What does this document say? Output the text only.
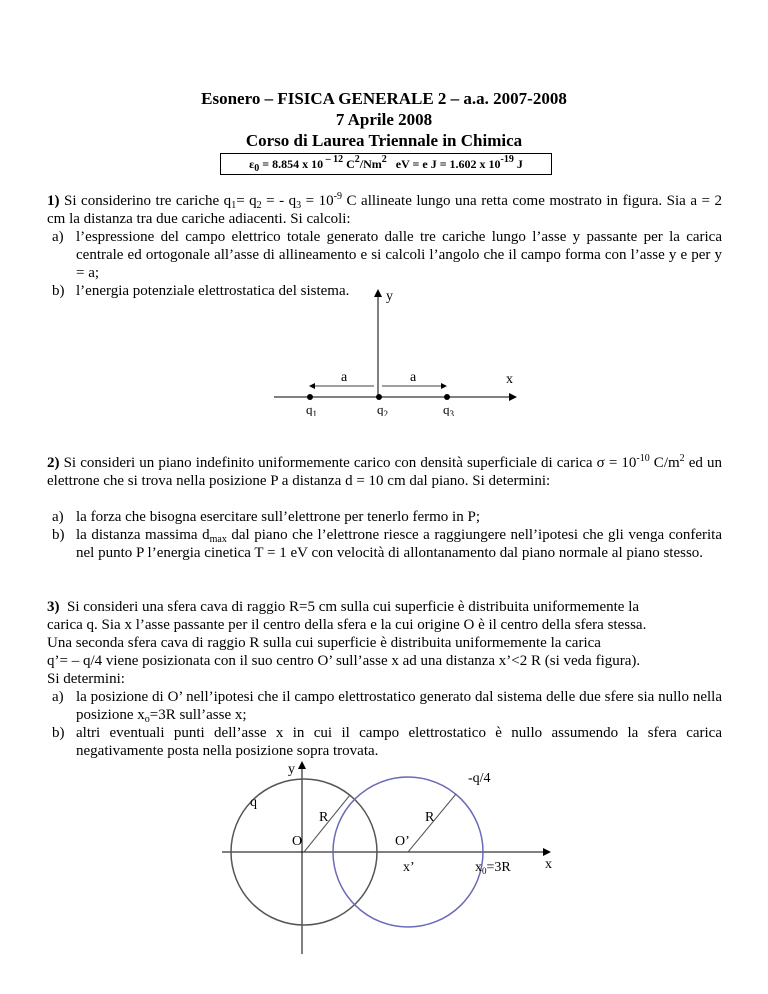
Esonero – FISICA GENERALE 2 – a.a. 2007-2008
7 Aprile 2008
Corso di Laurea Triennale in Chimica
$\varepsilon_0 = 8.854$ x 10 $^{- 12}$ $C^2/Nm^2$   eV = e J = 1.602 x $10^{-19}$ J
1) Si considerino tre cariche $q_1= q_2$ = - $q_3 = 10^{-9}$ C allineate lungo una retta come mostrato in figura. Sia a = 2 cm la distanza tra due cariche adiacenti. Si calcoli:
a) l’espressione del campo elettrico totale generato dalle tre cariche lungo l’asse y passante per la carica centrale ed ortogonale all’asse di allineamento e si calcoli l’angolo che il campo forma con l’asse y e per y = a;
b) l’energia potenziale elettrostatica del sistema.	y
x
a	a
$q_1$	$q_2$	$q_3$
2) Si consideri un piano indefinito uniformemente carico con densità superficiale di carica $\sigma = 10^{-10}$ $C/m^2$ ed un elettrone che si trova nella posizione P a distanza d = 10 cm dal piano. Si determini:
a) la forza che bisogna esercitare sull’elettrone per tenerlo fermo in P;
b) la distanza massima $d_{max}$ dal piano che l’elettrone riesce a raggiungere nell’ipotesi che gli venga conferita nel punto P l’energia cinetica T = 1 eV con velocità di allontanamento dal piano normale al piano stesso.
3)  Si consideri una sfera cava di raggio R=5 cm sulla cui superficie è distribuita uniformemente la
carica q. Sia x l’asse passante per il centro della sfera e la cui origine O è il centro della sfera stessa.
Una seconda sfera cava di raggio R sulla cui superficie è distribuita uniformemente la carica
q’= – q/4 viene posizionata con il suo centro O’ sull’asse x ad una distanza x’<2 R (si veda figura).
Si determini:
a) la posizione di O’ nell’ipotesi che il campo elettrostatico generato dal sistema delle due sfere sia nullo nella posizione $x_o=3R$ sull’asse x;
b) altri eventuali punti dell’asse x in cui il campo elettrostatico è nullo assumendo la sfera carica negativamente posta nella posizione sopra trovata.
y
x
q
R	R
O	O’
x’
-q/4
$x_0=3R$
